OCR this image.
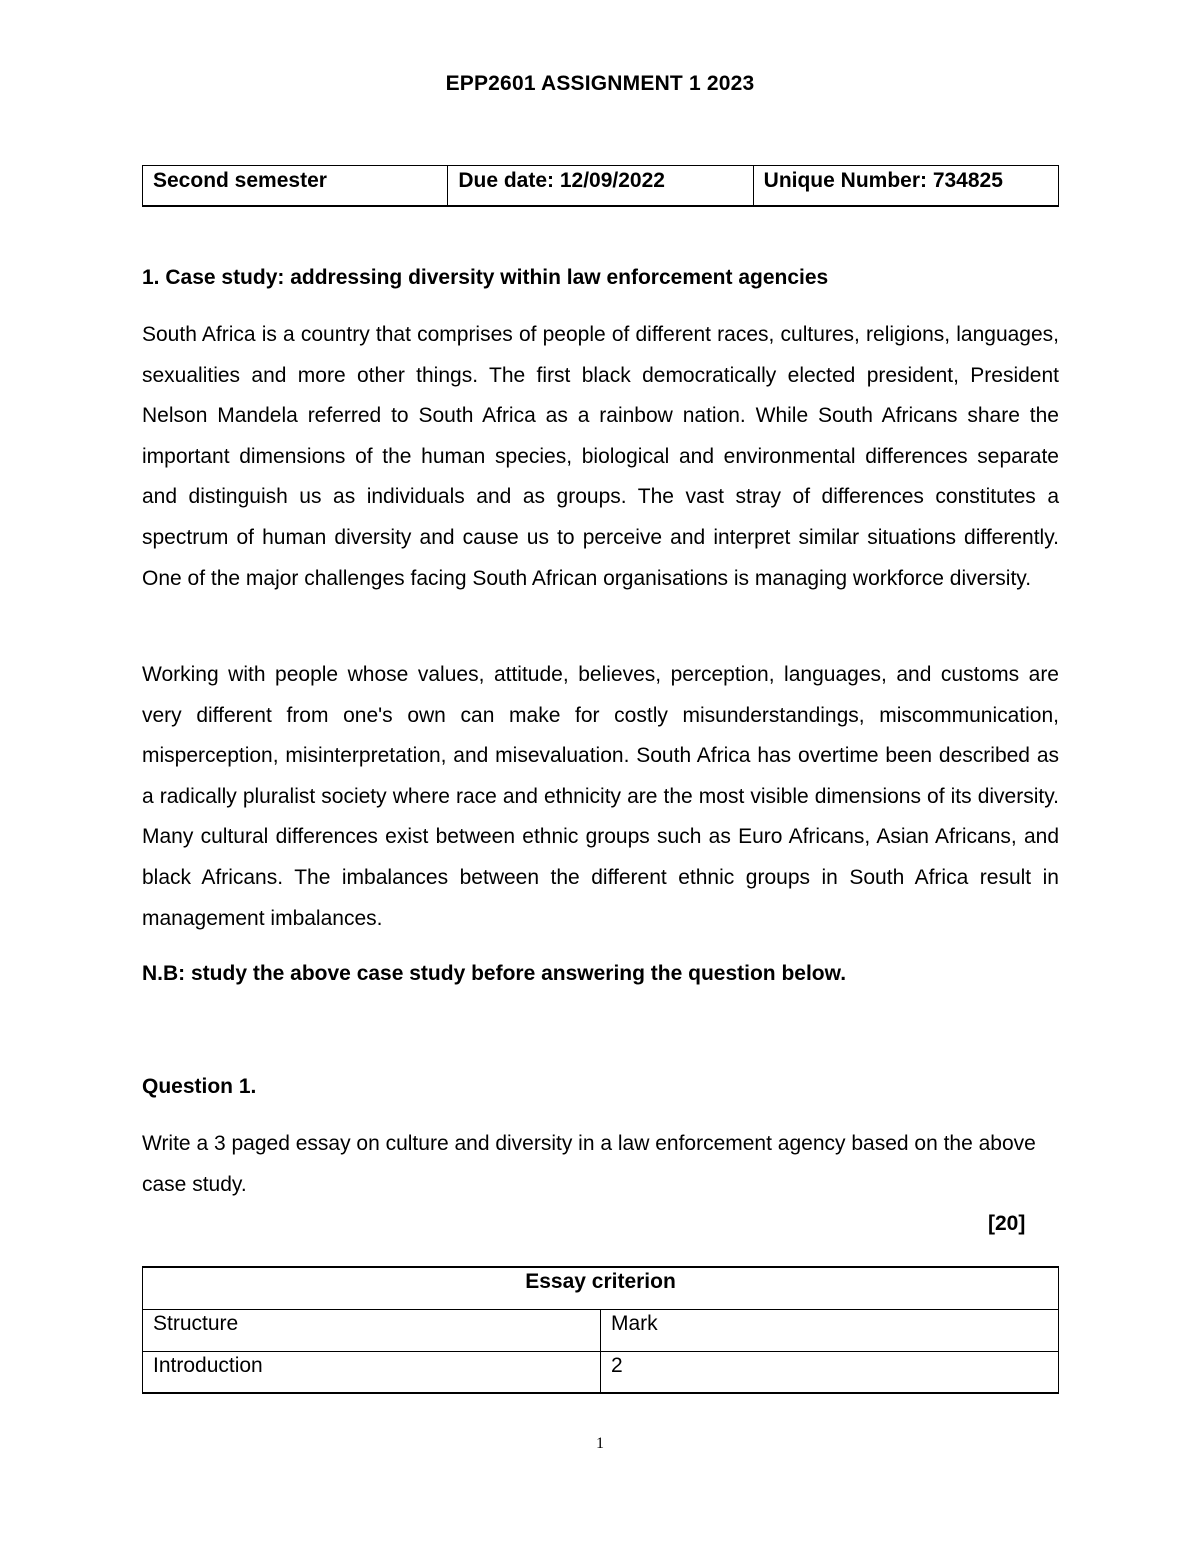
EPP2601 ASSIGNMENT 1 2023
Second semester	Due date: 12/09/2022	Unique Number: 734825
1. Case study: addressing diversity within law enforcement agencies

South Africa is a country that comprises of people of different races, cultures, religions, languages, sexualities and more other things. The first black democratically elected president, President Nelson Mandela referred to South Africa as a rainbow nation. While South Africans share the important dimensions of the human species, biological and environmental differences separate and distinguish us as individuals and as groups. The vast stray of differences constitutes a spectrum of human diversity and cause us to perceive and interpret similar situations differently. One of the major challenges facing South African organisations is managing workforce diversity.

Working with people whose values, attitude, believes, perception, languages, and customs are very different from one's own can make for costly misunderstandings, miscommunication, misperception, misinterpretation, and misevaluation. South Africa has overtime been described as a radically pluralist society where race and ethnicity are the most visible dimensions of its diversity. Many cultural differences exist between ethnic groups such as Euro Africans, Asian Africans, and black Africans. The imbalances between the different ethnic groups in South Africa result in management imbalances.

N.B: study the above case study before answering the question below.
Question 1.

Write a 3 paged essay on culture and diversity in a law enforcement agency based on the above case study.

[20]
Essay criterion	
Structure	Mark
Introduction	2
1
